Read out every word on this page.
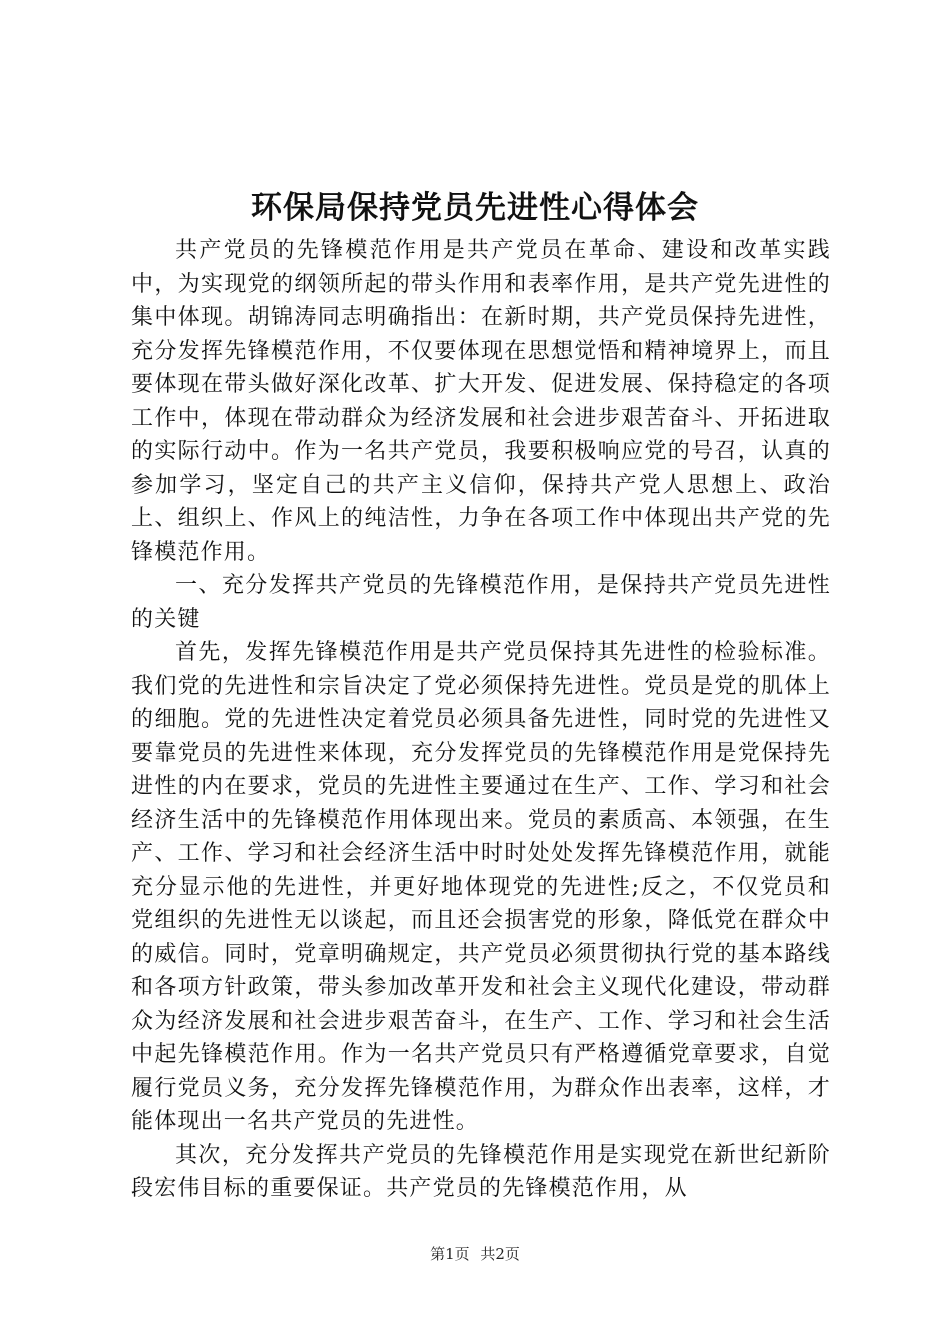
环保局保持党员先进性心得体会

共产党员的先锋模范作用是共产党员在革命、建设和改革实践中，为实现党的纲领所起的带头作用和表率作用，是共产党先进性的集中体现。胡锦涛同志明确指出：在新时期，共产党员保持先进性，充分发挥先锋模范作用，不仅要体现在思想觉悟和精神境界上，而且要体现在带头做好深化改革、扩大开发、促进发展、保持稳定的各项工作中，体现在带动群众为经济发展和社会进步艰苦奋斗、开拓进取的实际行动中。作为一名共产党员，我要积极响应党的号召，认真的参加学习，坚定自己的共产主义信仰，保持共产党人思想上、政治上、组织上、作风上的纯洁性，力争在各项工作中体现出共产党的先锋模范作用。

一、充分发挥共产党员的先锋模范作用，是保持共产党员先进性的关键

首先，发挥先锋模范作用是共产党员保持其先进性的检验标准。我们党的先进性和宗旨决定了党必须保持先进性。党员是党的肌体上的细胞。党的先进性决定着党员必须具备先进性，同时党的先进性又要靠党员的先进性来体现，充分发挥党员的先锋模范作用是党保持先进性的内在要求，党员的先进性主要通过在生产、工作、学习和社会经济生活中的先锋模范作用体现出来。党员的素质高、本领强，在生产、工作、学习和社会经济生活中时时处处发挥先锋模范作用，就能充分显示他的先进性，并更好地体现党的先进性;反之，不仅党员和党组织的先进性无以谈起，而且还会损害党的形象，降低党在群众中的威信。同时，党章明确规定，共产党员必须贯彻执行党的基本路线和各项方针政策，带头参加改革开发和社会主义现代化建设，带动群众为经济发展和社会进步艰苦奋斗，在生产、工作、学习和社会生活中起先锋模范作用。作为一名共产党员只有严格遵循党章要求，自觉履行党员义务，充分发挥先锋模范作用，为群众作出表率，这样，才能体现出一名共产党员的先进性。

其次，充分发挥共产党员的先锋模范作用是实现党在新世纪新阶段宏伟目标的重要保证。共产党员的先锋模范作用，从

第1页 共2页
